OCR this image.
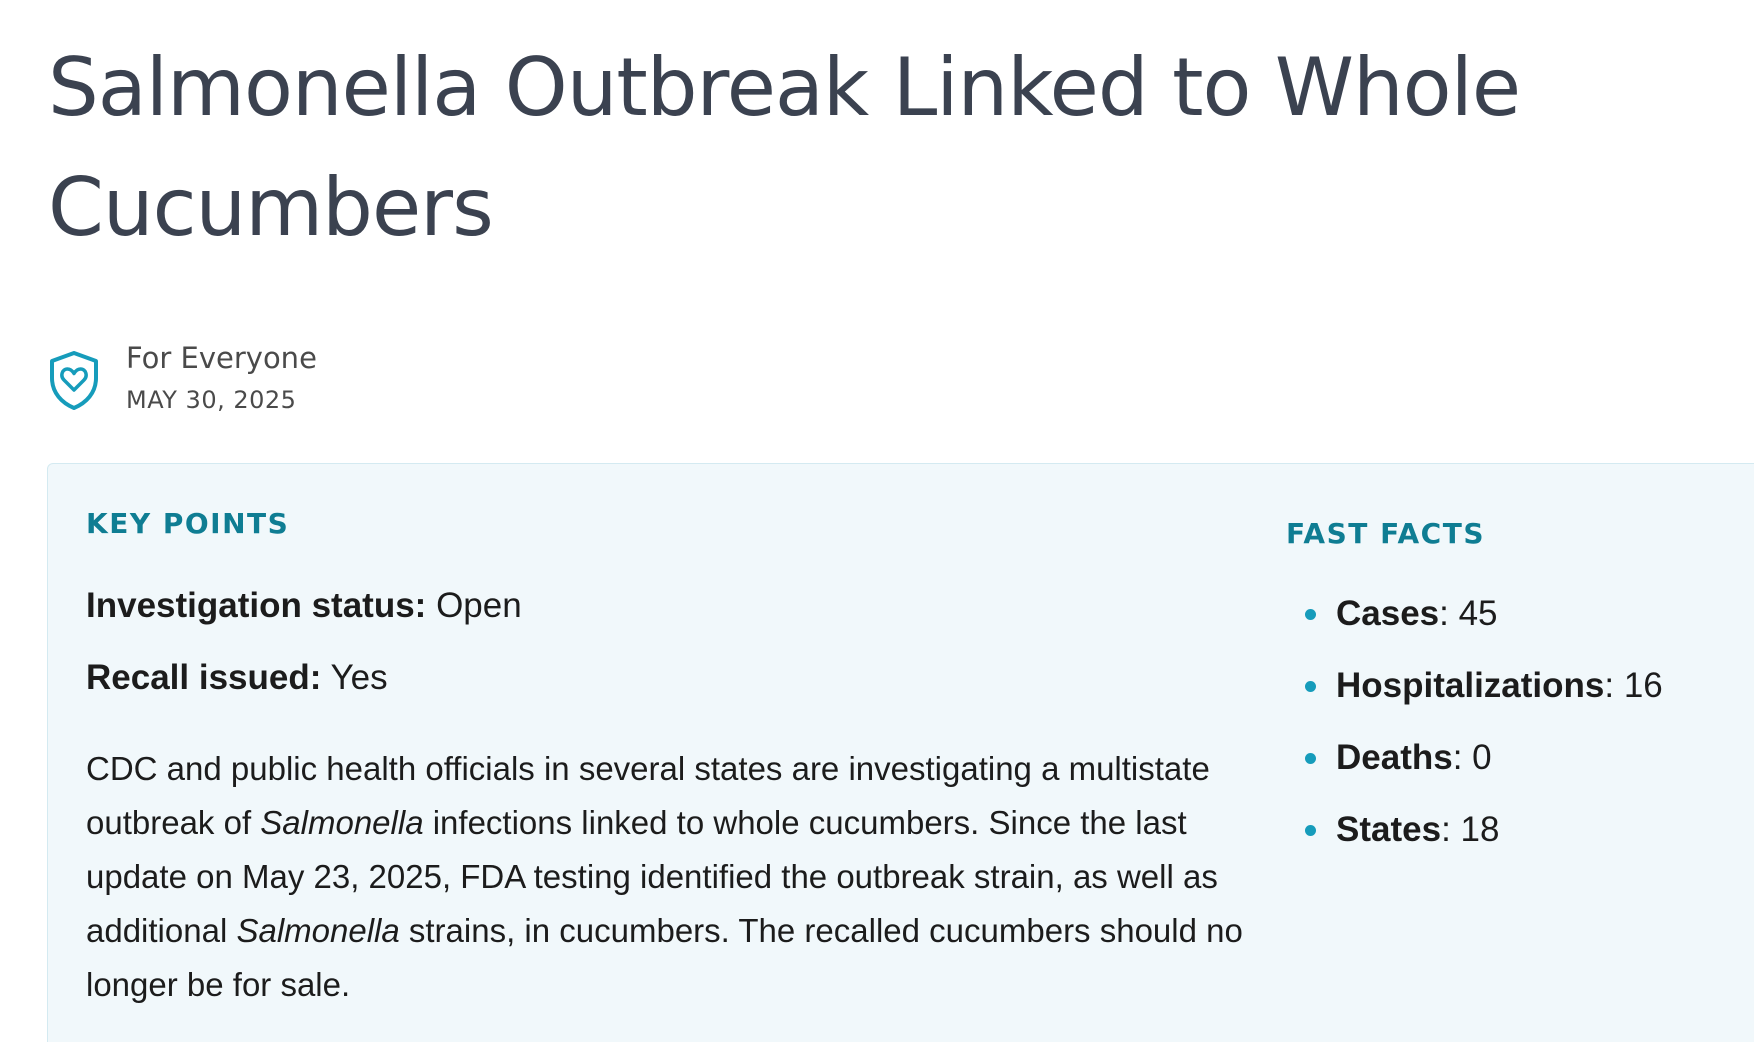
Salmonella Outbreak Linked to Whole Cucumbers
For Everyone
MAY 30, 2025
KEY POINTS

Investigation status: Open

Recall issued: Yes

CDC and public health officials in several states are investigating a multistate outbreak of Salmonella infections linked to whole cucumbers. Since the last update on May 23, 2025, FDA testing identified the outbreak strain, as well as additional Salmonella strains, in cucumbers. The recalled cucumbers should no longer be for sale.

FAST FACTS
Cases: 45
Hospitalizations: 16
Deaths: 0
States: 18
